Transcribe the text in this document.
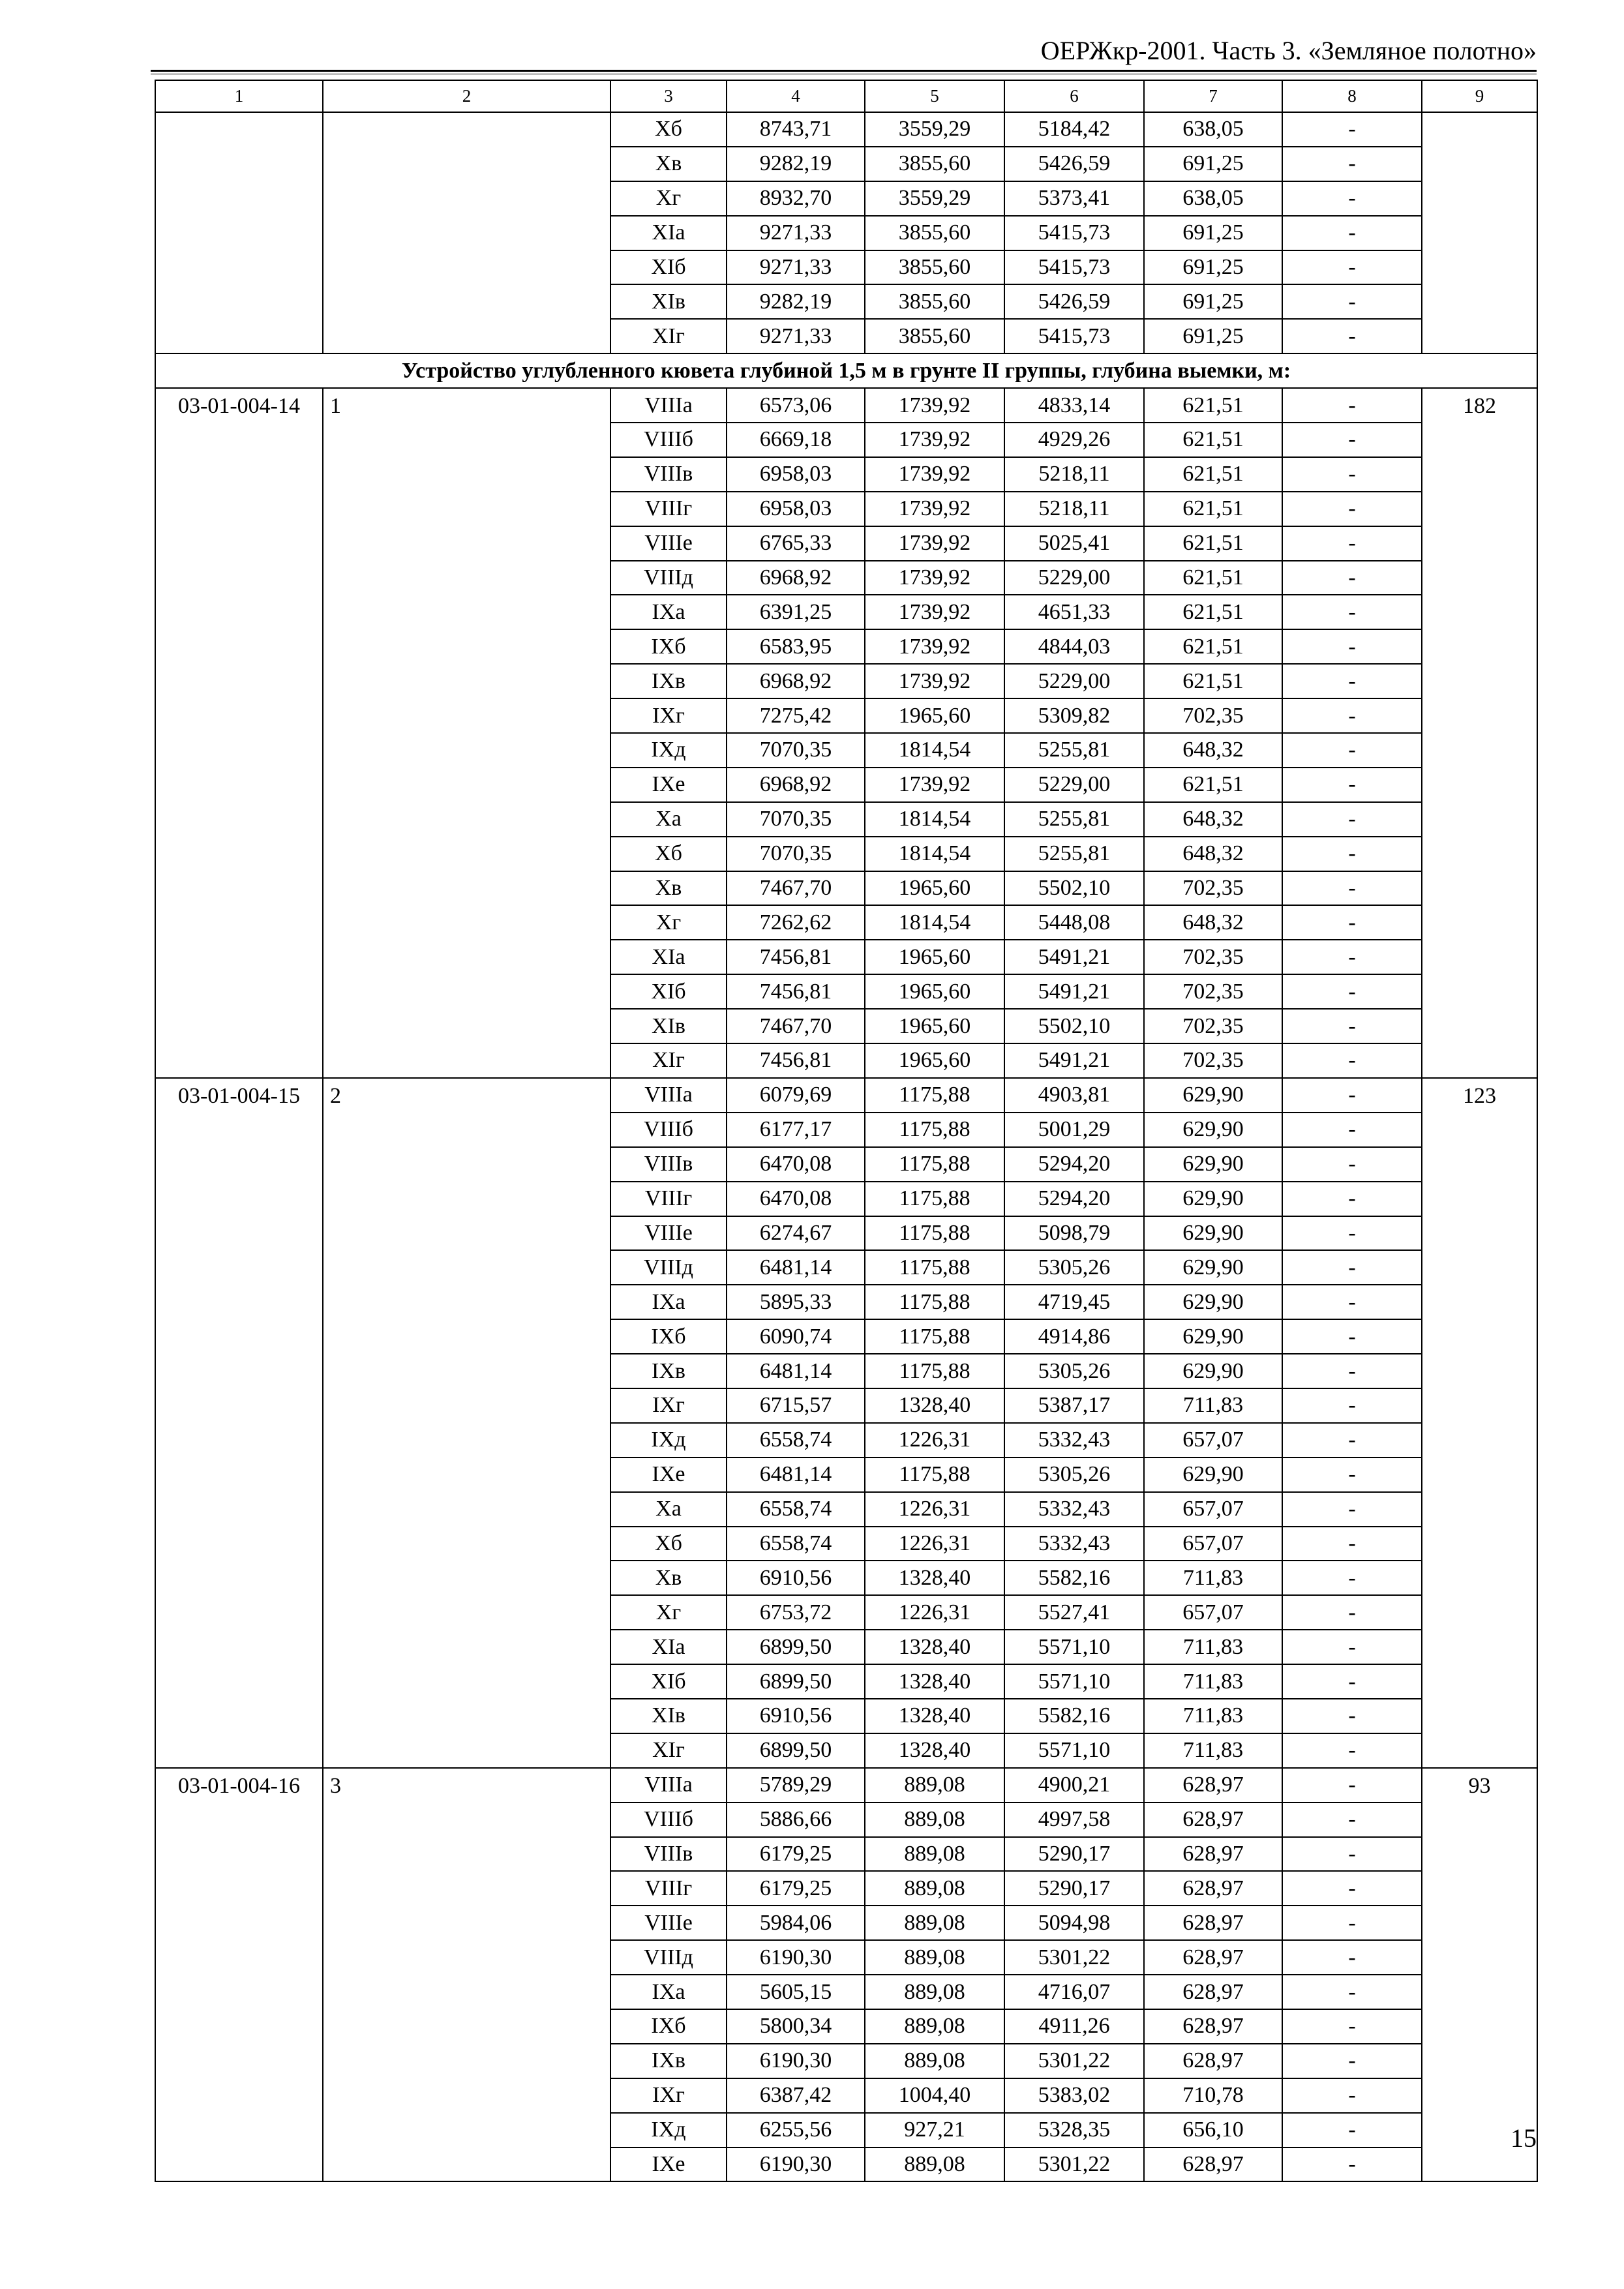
ОЕРЖкр-2001. Часть 3. «Земляное полотно»
1	2	3	4	5	6	7	8	9
		Xб	8743,71	3559,29	5184,42	638,05	-	
		Xв	9282,19	3855,60	5426,59	691,25	-	
		Xг	8932,70	3559,29	5373,41	638,05	-	
		XIа	9271,33	3855,60	5415,73	691,25	-	
		XIб	9271,33	3855,60	5415,73	691,25	-	
		XIв	9282,19	3855,60	5426,59	691,25	-	
		XIг	9271,33	3855,60	5415,73	691,25	-	
Устройство углубленного кювета глубиной 1,5 м в грунте II группы, глубина выемки, м:								
03-01-004-14	1	VIIIа	6573,06	1739,92	4833,14	621,51	-	182
		VIIIб	6669,18	1739,92	4929,26	621,51	-	
		VIIIв	6958,03	1739,92	5218,11	621,51	-	
		VIIIг	6958,03	1739,92	5218,11	621,51	-	
		VIIIе	6765,33	1739,92	5025,41	621,51	-	
		VIIIд	6968,92	1739,92	5229,00	621,51	-	
		IXа	6391,25	1739,92	4651,33	621,51	-	
		IXб	6583,95	1739,92	4844,03	621,51	-	
		IXв	6968,92	1739,92	5229,00	621,51	-	
		IXг	7275,42	1965,60	5309,82	702,35	-	
		IXд	7070,35	1814,54	5255,81	648,32	-	
		IXе	6968,92	1739,92	5229,00	621,51	-	
		Xа	7070,35	1814,54	5255,81	648,32	-	
		Xб	7070,35	1814,54	5255,81	648,32	-	
		Xв	7467,70	1965,60	5502,10	702,35	-	
		Xг	7262,62	1814,54	5448,08	648,32	-	
		XIа	7456,81	1965,60	5491,21	702,35	-	
		XIб	7456,81	1965,60	5491,21	702,35	-	
		XIв	7467,70	1965,60	5502,10	702,35	-	
		XIг	7456,81	1965,60	5491,21	702,35	-	
03-01-004-15	2	VIIIа	6079,69	1175,88	4903,81	629,90	-	123
		VIIIб	6177,17	1175,88	5001,29	629,90	-	
		VIIIв	6470,08	1175,88	5294,20	629,90	-	
		VIIIг	6470,08	1175,88	5294,20	629,90	-	
		VIIIе	6274,67	1175,88	5098,79	629,90	-	
		VIIIд	6481,14	1175,88	5305,26	629,90	-	
		IXа	5895,33	1175,88	4719,45	629,90	-	
		IXб	6090,74	1175,88	4914,86	629,90	-	
		IXв	6481,14	1175,88	5305,26	629,90	-	
		IXг	6715,57	1328,40	5387,17	711,83	-	
		IXд	6558,74	1226,31	5332,43	657,07	-	
		IXе	6481,14	1175,88	5305,26	629,90	-	
		Xа	6558,74	1226,31	5332,43	657,07	-	
		Xб	6558,74	1226,31	5332,43	657,07	-	
		Xв	6910,56	1328,40	5582,16	711,83	-	
		Xг	6753,72	1226,31	5527,41	657,07	-	
		XIа	6899,50	1328,40	5571,10	711,83	-	
		XIб	6899,50	1328,40	5571,10	711,83	-	
		XIв	6910,56	1328,40	5582,16	711,83	-	
		XIг	6899,50	1328,40	5571,10	711,83	-	
03-01-004-16	3	VIIIа	5789,29	889,08	4900,21	628,97	-	93
		VIIIб	5886,66	889,08	4997,58	628,97	-	
		VIIIв	6179,25	889,08	5290,17	628,97	-	
		VIIIг	6179,25	889,08	5290,17	628,97	-	
		VIIIе	5984,06	889,08	5094,98	628,97	-	
		VIIIд	6190,30	889,08	5301,22	628,97	-	
		IXа	5605,15	889,08	4716,07	628,97	-	
		IXб	5800,34	889,08	4911,26	628,97	-	
		IXв	6190,30	889,08	5301,22	628,97	-	
		IXг	6387,42	1004,40	5383,02	710,78	-	
		IXд	6255,56	927,21	5328,35	656,10	-	
		IXе	6190,30	889,08	5301,22	628,97	-	
15
